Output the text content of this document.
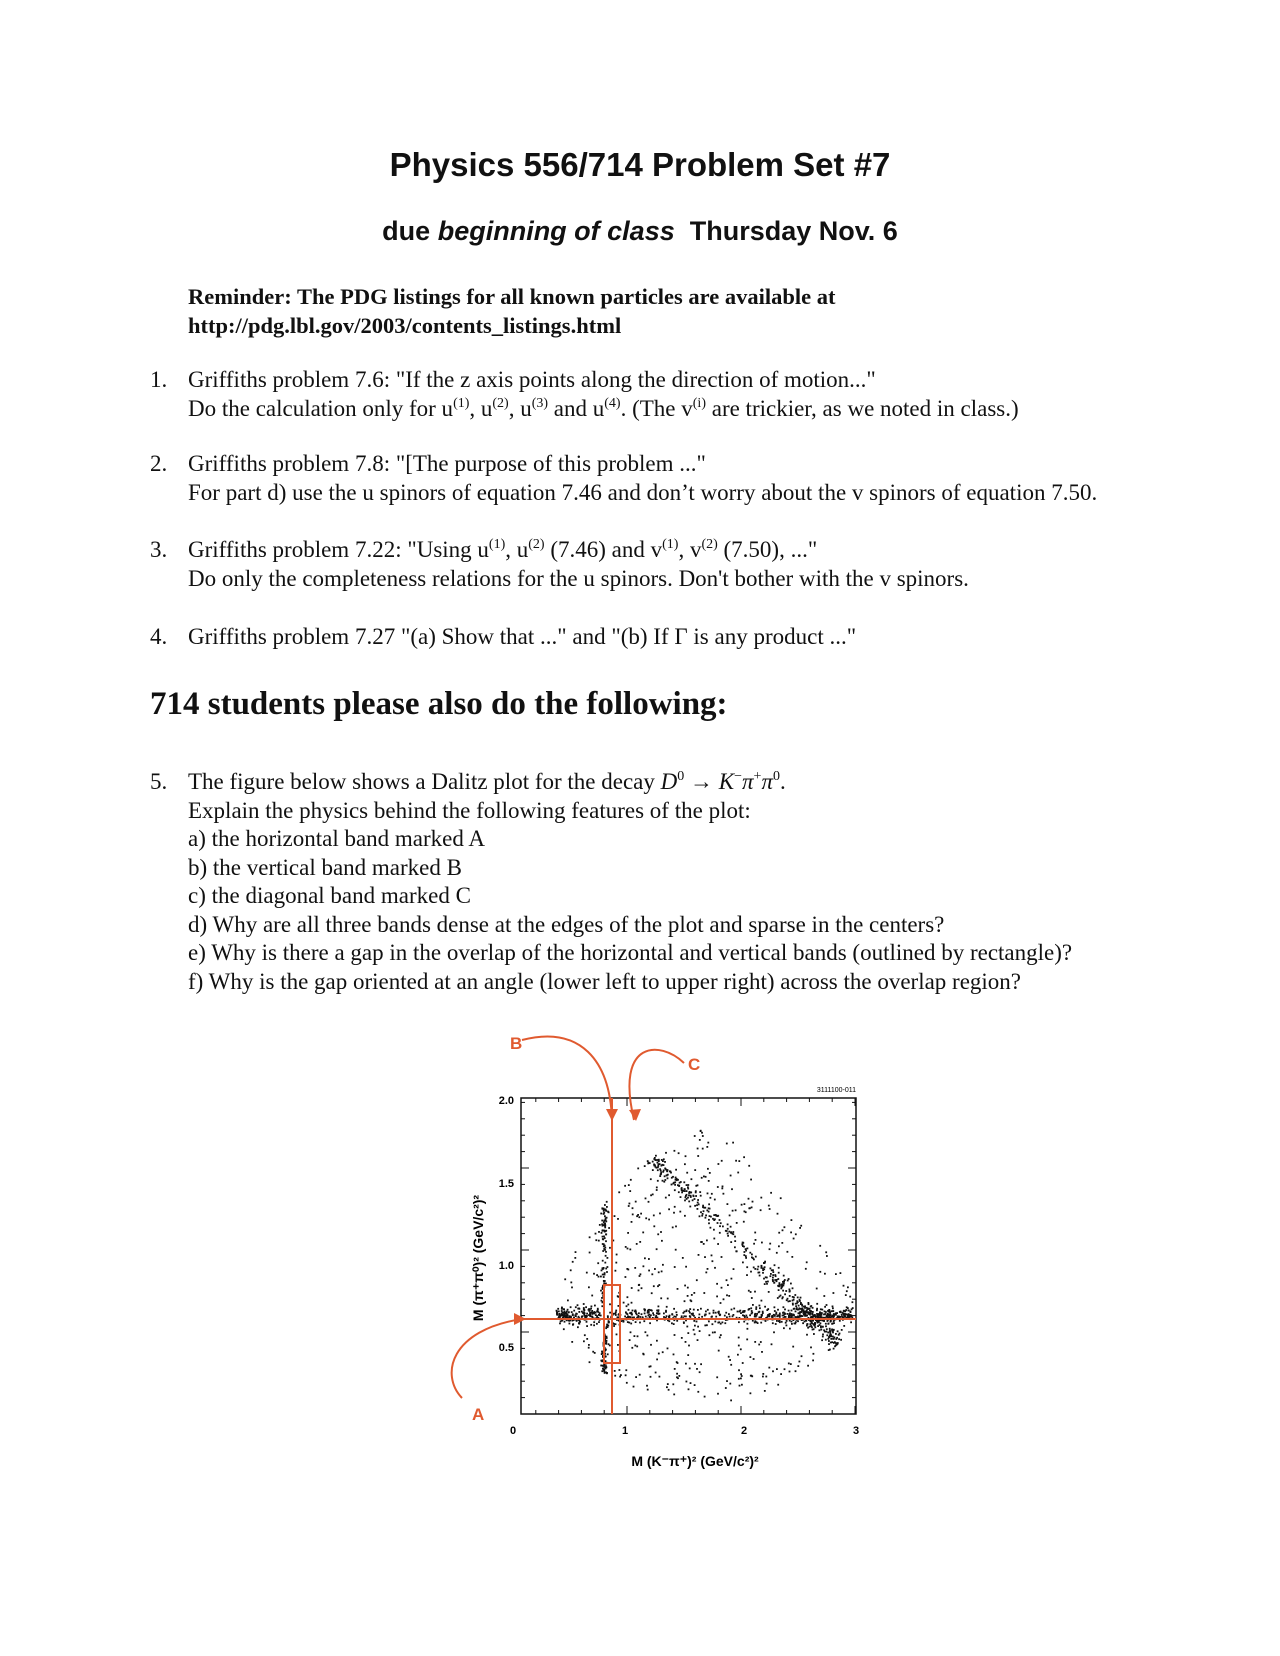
Physics 556/714 Problem Set #7
due beginning of class Thursday Nov. 6
Reminder: The PDG listings for all known particles are available at
http://pdg.lbl.gov/2003/contents_listings.html
1. Griffiths problem 7.6: "If the z axis points along the direction of motion..."
Do the calculation only for $u^{(1)}$, $u^{(2)}$, $u^{(3)}$ and $u^{(4)}$. (The $v^{(i)}$ are trickier, as we noted in class.)
2. Griffiths problem 7.8: "[The purpose of this problem ..."
For part d) use the u spinors of equation 7.46 and don’t worry about the v spinors of equation 7.50.
3. Griffiths problem 7.22: "Using $u^{(1)}$, $u^{(2)}$ (7.46) and $v^{(1)}$, $v^{(2)}$ (7.50), ..."
Do only the completeness relations for the u spinors. Don't bother with the v spinors.
4. Griffiths problem 7.27 "(a) Show that ..." and "(b) If Γ is any product ..."
714 students please also do the following:
5. The figure below shows a Dalitz plot for the decay $D^0 \to K^-\pi^+\pi^0$.
Explain the physics behind the following features of the plot:
a) the horizontal band marked A
b) the vertical band marked B
c) the diagonal band marked C
d) Why are all three bands dense at the edges of the plot and sparse in the centers?
e) Why is there a gap in the overlap of the horizontal and vertical bands (outlined by rectangle)?
f) Why is the gap oriented at an angle (lower left to upper right) across the overlap region?
2.0
1.5
1.0
0.5
0	1	2	3
M (K⁻π⁺)² (GeV/c²)²
M (π⁺π⁰)² (GeV/c²)²
3111100-011
B
C
A
